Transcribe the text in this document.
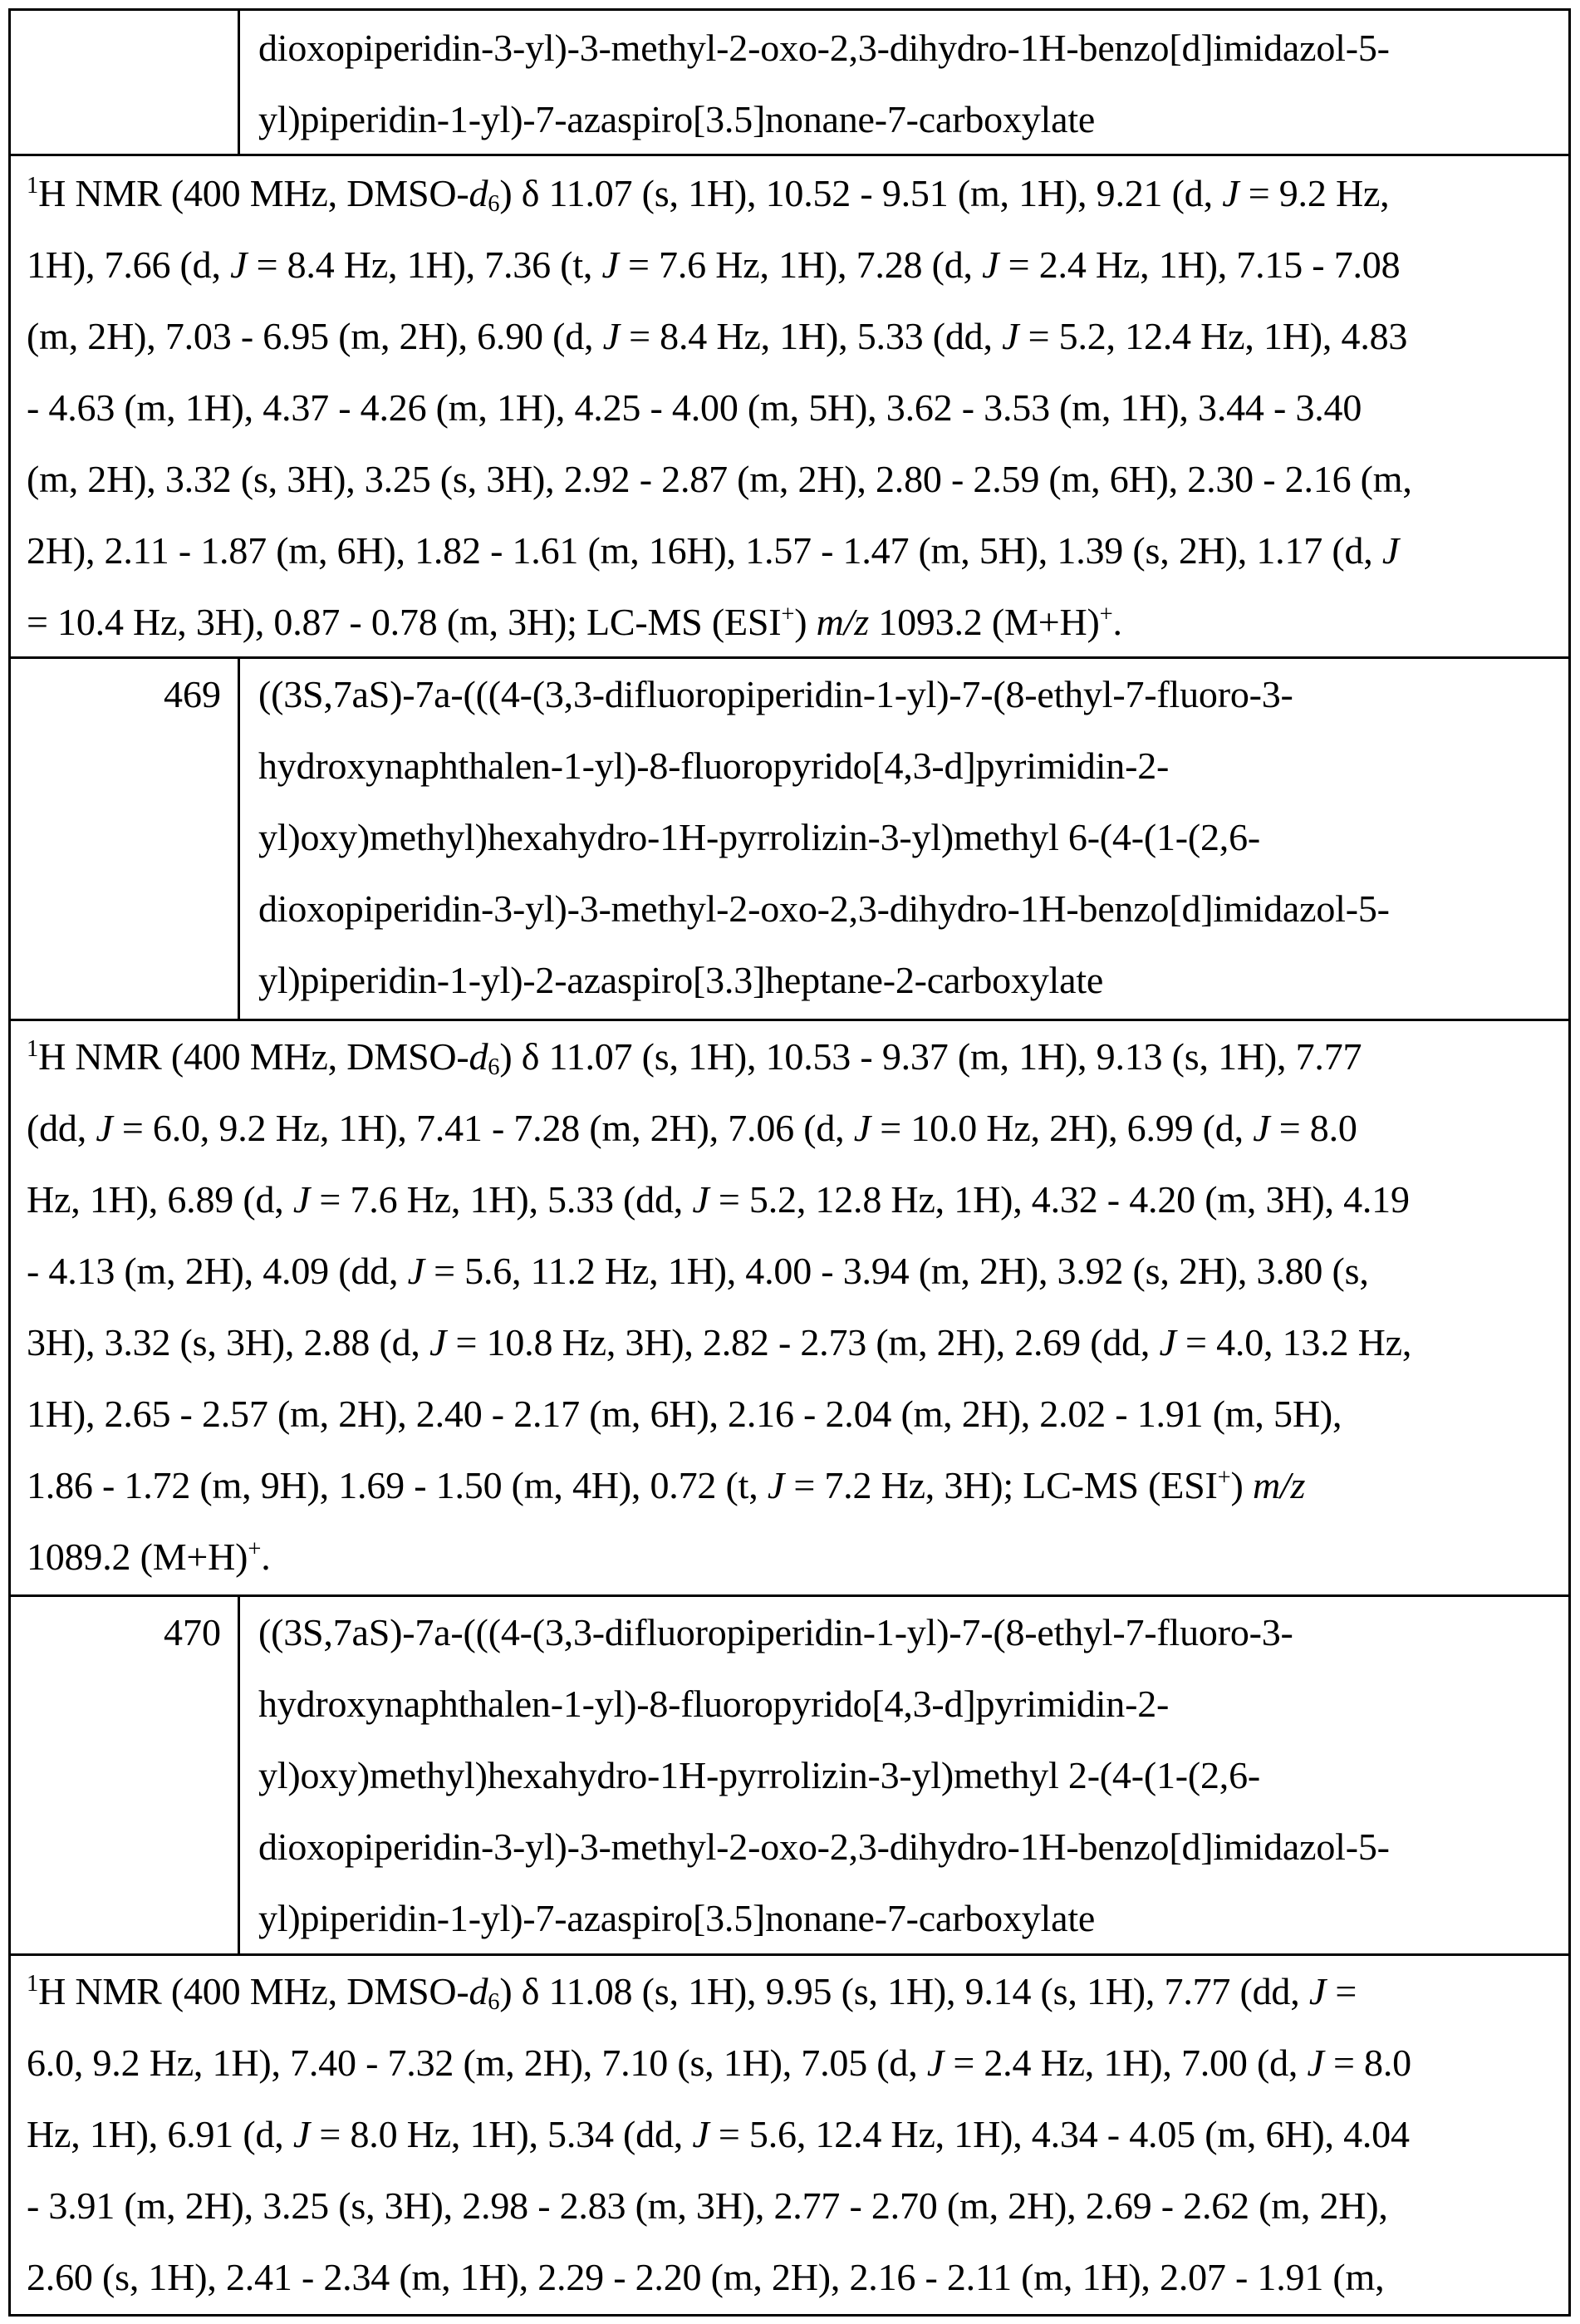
dioxopiperidin-3-yl)-3-methyl-2-oxo-2,3-dihydro-1H-benzo[d]imidazol-5-
yl)piperidin-1-yl)-7-azaspiro[3.5]nonane-7-carboxylate
$^1$H NMR (400 MHz, DMSO-$d_6$) δ 11.07 (s, 1H), 10.52 - 9.51 (m, 1H), 9.21 (d, J = 9.2 Hz,
1H), 7.66 (d, J = 8.4 Hz, 1H), 7.36 (t, J = 7.6 Hz, 1H), 7.28 (d, J = 2.4 Hz, 1H), 7.15 - 7.08
(m, 2H), 7.03 - 6.95 (m, 2H), 6.90 (d, J = 8.4 Hz, 1H), 5.33 (dd, J = 5.2, 12.4 Hz, 1H), 4.83
- 4.63 (m, 1H), 4.37 - 4.26 (m, 1H), 4.25 - 4.00 (m, 5H), 3.62 - 3.53 (m, 1H), 3.44 - 3.40
(m, 2H), 3.32 (s, 3H), 3.25 (s, 3H), 2.92 - 2.87 (m, 2H), 2.80 - 2.59 (m, 6H), 2.30 - 2.16 (m,
2H), 2.11 - 1.87 (m, 6H), 1.82 - 1.61 (m, 16H), 1.57 - 1.47 (m, 5H), 1.39 (s, 2H), 1.17 (d, J
= 10.4 Hz, 3H), 0.87 - 0.78 (m, 3H); LC-MS (ESI+) m/z 1093.2 (M+H)+.
469 ((3S,7aS)-7a-(((4-(3,3-difluoropiperidin-1-yl)-7-(8-ethyl-7-fluoro-3-
hydroxynaphthalen-1-yl)-8-fluoropyrido[4,3-d]pyrimidin-2-
yl)oxy)methyl)hexahydro-1H-pyrrolizin-3-yl)methyl 6-(4-(1-(2,6-
dioxopiperidin-3-yl)-3-methyl-2-oxo-2,3-dihydro-1H-benzo[d]imidazol-5-
yl)piperidin-1-yl)-2-azaspiro[3.3]heptane-2-carboxylate
$^1$H NMR (400 MHz, DMSO-$d_6$) δ 11.07 (s, 1H), 10.53 - 9.37 (m, 1H), 9.13 (s, 1H), 7.77
(dd, J = 6.0, 9.2 Hz, 1H), 7.41 - 7.28 (m, 2H), 7.06 (d, J = 10.0 Hz, 2H), 6.99 (d, J = 8.0
Hz, 1H), 6.89 (d, J = 7.6 Hz, 1H), 5.33 (dd, J = 5.2, 12.8 Hz, 1H), 4.32 - 4.20 (m, 3H), 4.19
- 4.13 (m, 2H), 4.09 (dd, J = 5.6, 11.2 Hz, 1H), 4.00 - 3.94 (m, 2H), 3.92 (s, 2H), 3.80 (s,
3H), 3.32 (s, 3H), 2.88 (d, J = 10.8 Hz, 3H), 2.82 - 2.73 (m, 2H), 2.69 (dd, J = 4.0, 13.2 Hz,
1H), 2.65 - 2.57 (m, 2H), 2.40 - 2.17 (m, 6H), 2.16 - 2.04 (m, 2H), 2.02 - 1.91 (m, 5H),
1.86 - 1.72 (m, 9H), 1.69 - 1.50 (m, 4H), 0.72 (t, J = 7.2 Hz, 3H); LC-MS (ESI+) m/z
1089.2 (M+H)+.
470 ((3S,7aS)-7a-(((4-(3,3-difluoropiperidin-1-yl)-7-(8-ethyl-7-fluoro-3-
hydroxynaphthalen-1-yl)-8-fluoropyrido[4,3-d]pyrimidin-2-
yl)oxy)methyl)hexahydro-1H-pyrrolizin-3-yl)methyl 2-(4-(1-(2,6-
dioxopiperidin-3-yl)-3-methyl-2-oxo-2,3-dihydro-1H-benzo[d]imidazol-5-
yl)piperidin-1-yl)-7-azaspiro[3.5]nonane-7-carboxylate
$^1$H NMR (400 MHz, DMSO-$d_6$) δ 11.08 (s, 1H), 9.95 (s, 1H), 9.14 (s, 1H), 7.77 (dd, J =
6.0, 9.2 Hz, 1H), 7.40 - 7.32 (m, 2H), 7.10 (s, 1H), 7.05 (d, J = 2.4 Hz, 1H), 7.00 (d, J = 8.0
Hz, 1H), 6.91 (d, J = 8.0 Hz, 1H), 5.34 (dd, J = 5.6, 12.4 Hz, 1H), 4.34 - 4.05 (m, 6H), 4.04
- 3.91 (m, 2H), 3.25 (s, 3H), 2.98 - 2.83 (m, 3H), 2.77 - 2.70 (m, 2H), 2.69 - 2.62 (m, 2H),
2.60 (s, 1H), 2.41 - 2.34 (m, 1H), 2.29 - 2.20 (m, 2H), 2.16 - 2.11 (m, 1H), 2.07 - 1.91 (m,
